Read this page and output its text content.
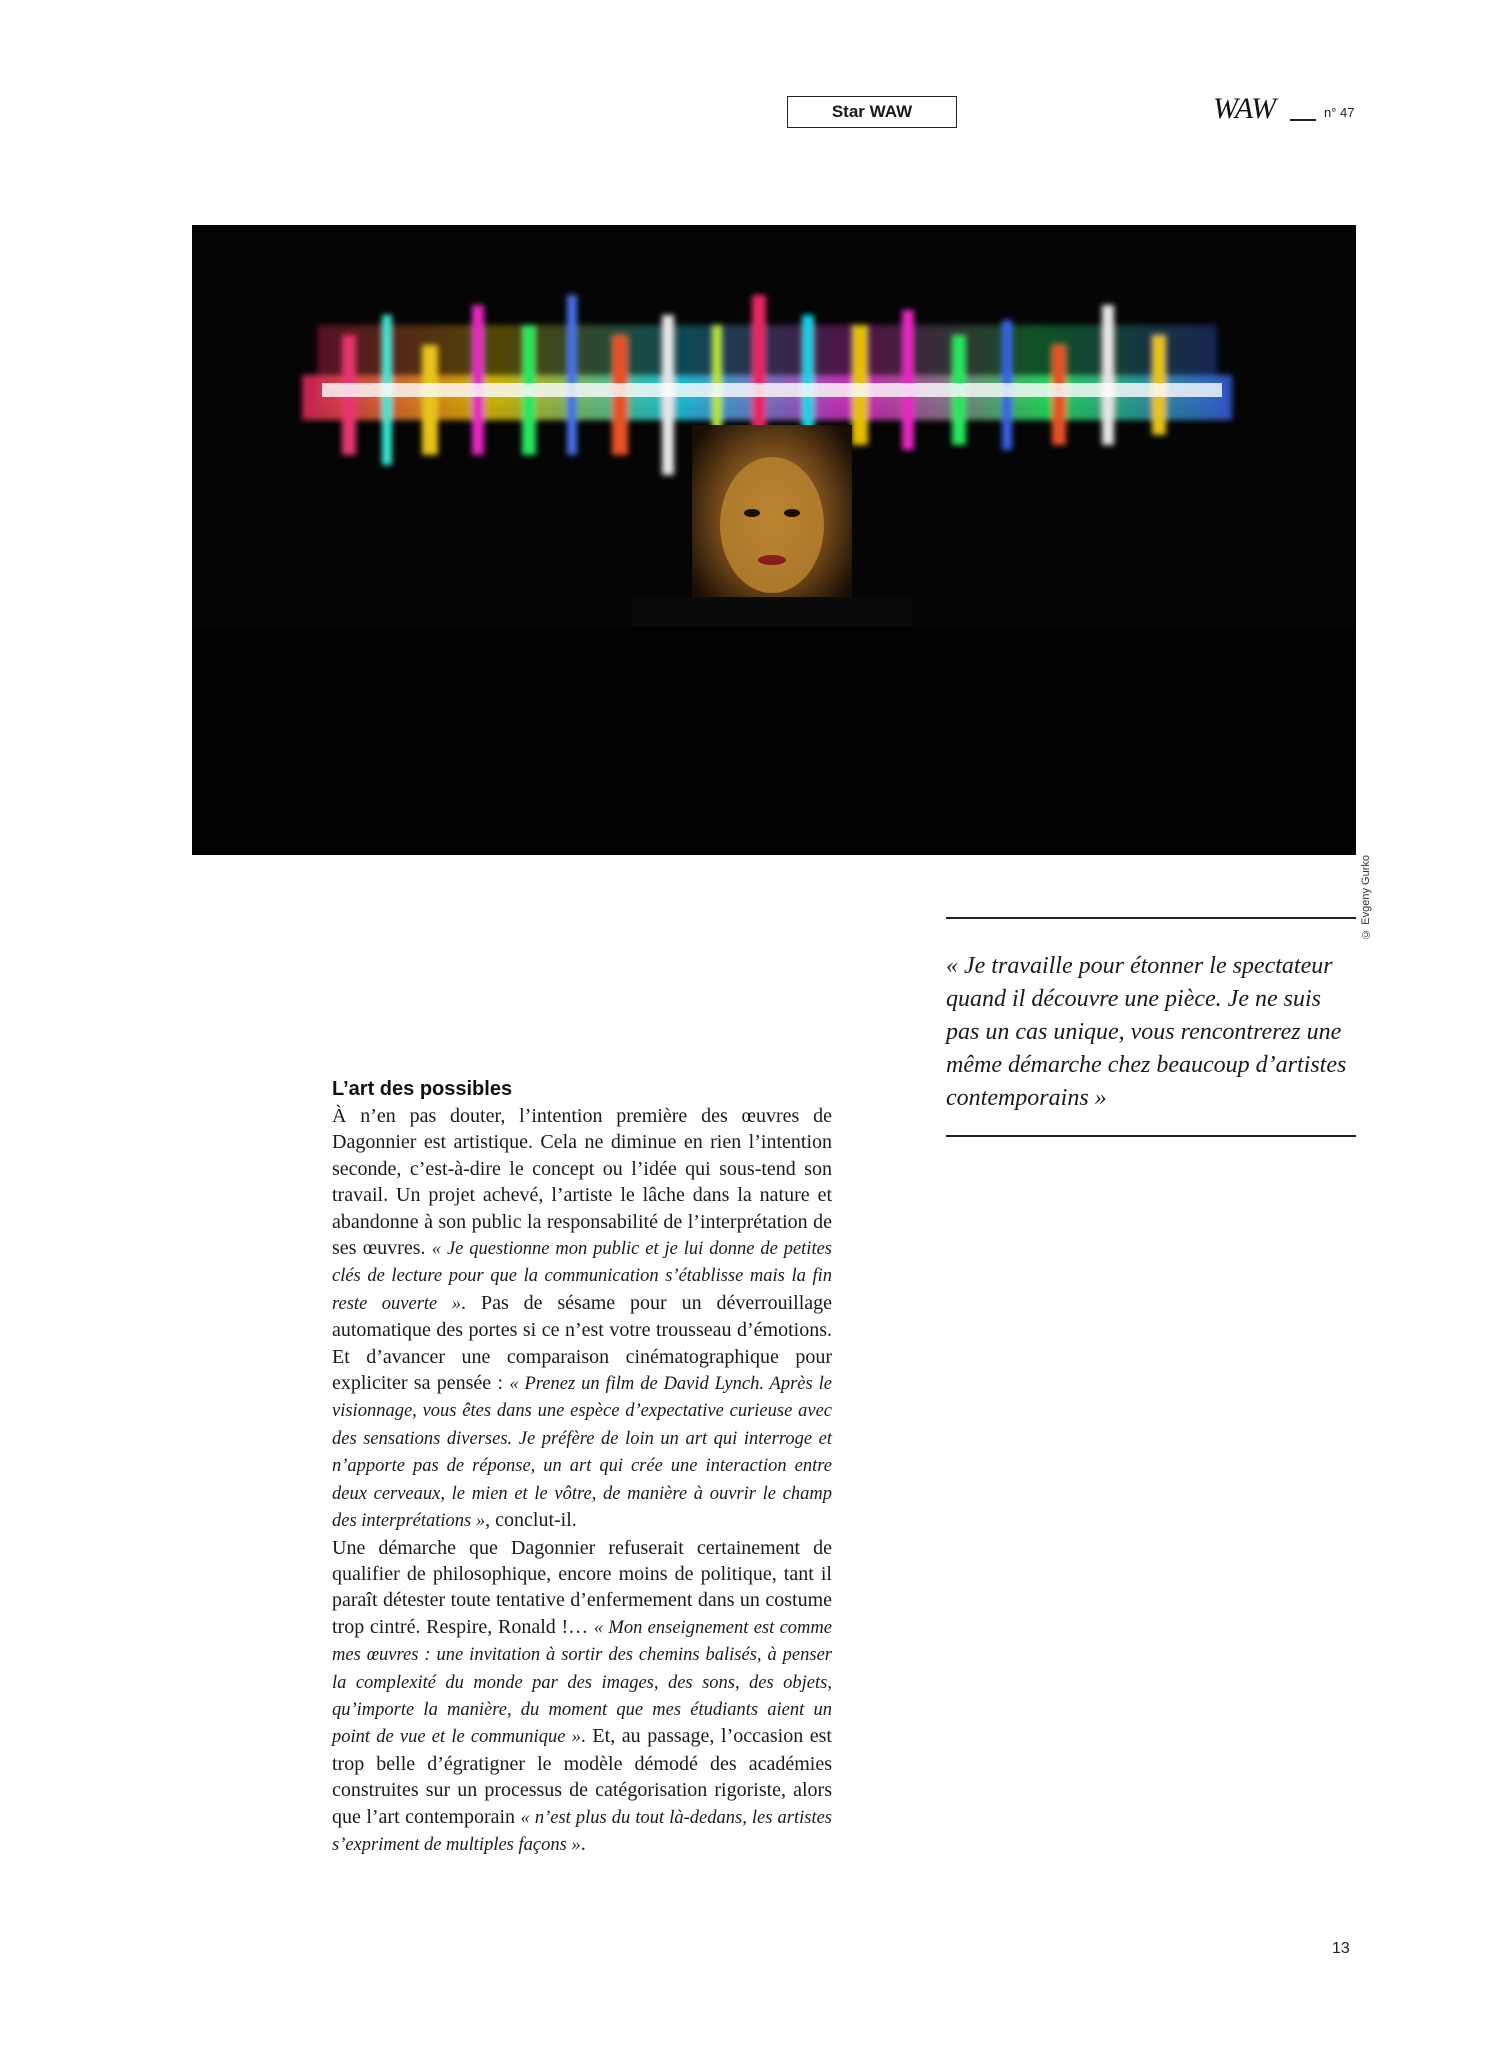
Star WAW	WAW	n° 47
© Evgeny Gurko

« Je travaille pour étonner le spectateur quand il découvre une pièce. Je ne suis pas un cas unique, vous rencontrerez une même démarche chez beaucoup d’artistes contemporains »

L’art des possibles

À n’en pas douter, l’intention première des œuvres de Dagonnier est artistique. Cela ne diminue en rien l’intention seconde, c’est-à-dire le concept ou l’idée qui sous-tend son travail. Un projet achevé, l’artiste le lâche dans la nature et abandonne à son public la responsabilité de l’interprétation de ses œuvres. « Je questionne mon public et je lui donne de petites clés de lecture pour que la communication s’établisse mais la fin reste ouverte ». Pas de sésame pour un déverrouillage automatique des portes si ce n’est votre trousseau d’émotions. Et d’avancer une comparaison cinématographique pour expliciter sa pensée : « Prenez un film de David Lynch. Après le visionnage, vous êtes dans une espèce d’expectative curieuse avec des sensations diverses. Je préfère de loin un art qui interroge et n’apporte pas de réponse, un art qui crée une interaction entre deux cerveaux, le mien et le vôtre, de manière à ouvrir le champ des interprétations », conclut-il.

Une démarche que Dagonnier refuserait certainement de qualifier de philosophique, encore moins de politique, tant il paraît détester toute tentative d’enfermement dans un costume trop cintré. Respire, Ronald !… « Mon enseignement est comme mes œuvres : une invitation à sortir des chemins balisés, à penser la complexité du monde par des images, des sons, des objets, qu’importe la manière, du moment que mes étudiants aient un point de vue et le communique ». Et, au passage, l’occasion est trop belle d’égratigner le modèle démodé des académies construites sur un processus de catégorisation rigoriste, alors que l’art contemporain « n’est plus du tout là-dedans, les artistes s’expriment de multiples façons ».

13
